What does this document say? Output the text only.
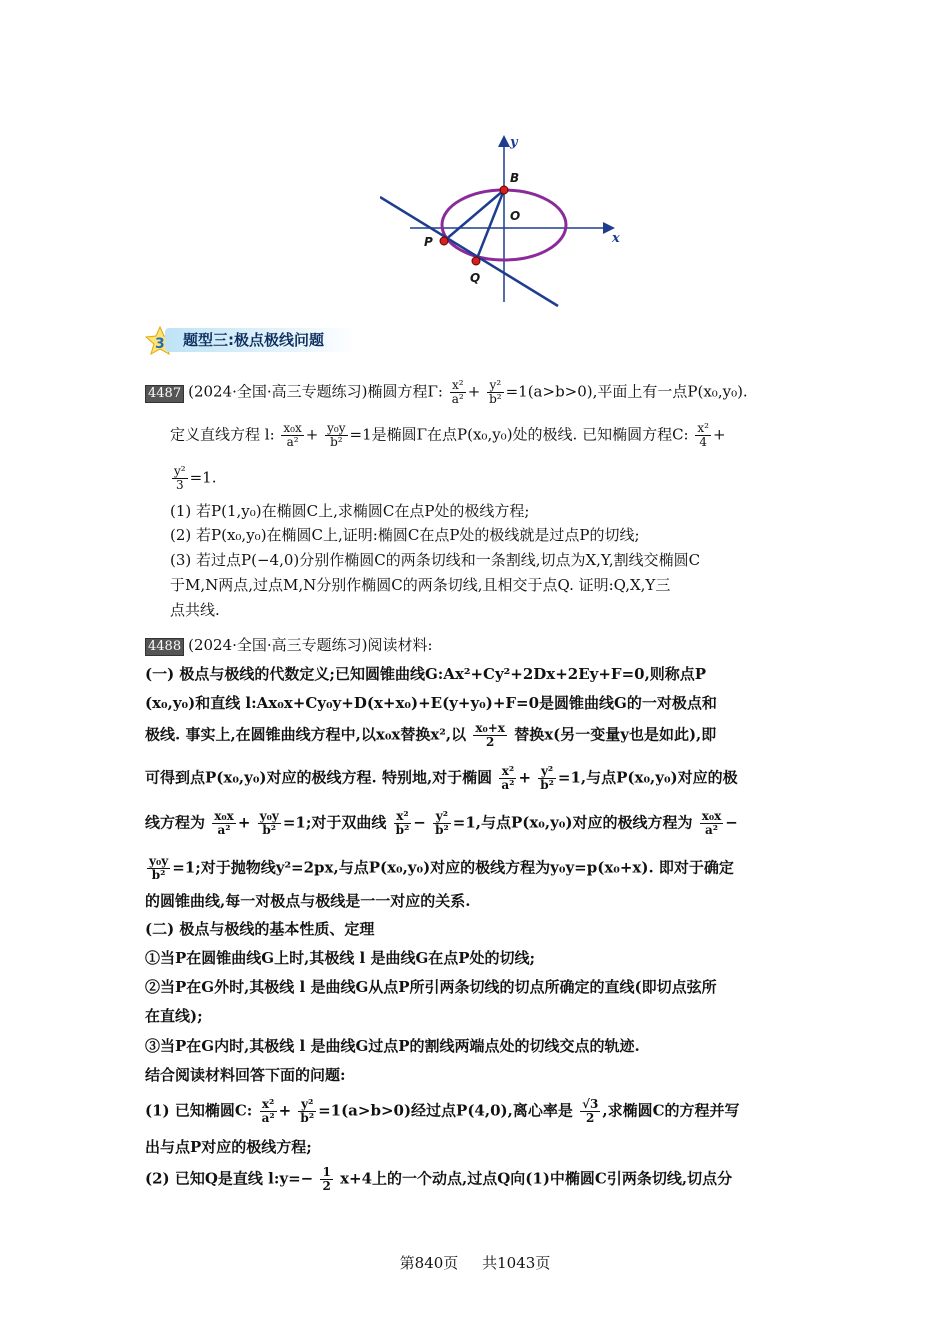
y
x
B
O
P
Q
3 题型三:极点极线问题
4487 (2024·全国·高三专题练习)椭圆方程Γ: $\frac{\text{x²}}{\text{a²}} + \frac{\text{y²}}{\text{b²}} =1(a>b>0)$,平面上有一点P(x₀,y₀).
定义直线方程 l: $\frac{\text{x₀x}}{\text{a²}} + \frac{\text{y₀y}}{\text{b²}} =1$是椭圆Γ在点P(x₀,y₀)处的极线. 已知椭圆方程C: $\frac{\text{x²}}{4}$ +
$\frac{\text{y²}}{3} =1$.
(1) 若P(1,y₀)在椭圆C上,求椭圆C在点P处的极线方程;
(2) 若P(x₀,y₀)在椭圆C上,证明:椭圆C在点P处的极线就是过点P的切线;
(3) 若过点P(−4,0)分别作椭圆C的两条切线和一条割线,切点为X,Y,割线交椭圆C
于M,N两点,过点M,N分别作椭圆C的两条切线,且相交于点Q. 证明:Q,X,Y三
点共线.
4488 (2024·全国·高三专题练习)阅读材料:
(一) 极点与极线的代数定义;已知圆锥曲线G:Ax²+Cy²+2Dx+2Ey+F=0,则称点P
(x₀,y₀)和直线 l:Ax₀x+Cy₀y+D(x+x₀)+E(y+y₀)+F=0是圆锥曲线G的一对极点和
极线. 事实上,在圆锥曲线方程中,以x₀x替换x²,以 $\frac{\text{x₀+x}}{2}$ 替换x(另一变量y也是如此),即
可得到点P(x₀,y₀)对应的极线方程. 特别地,对于椭圆 $\frac{\text{x²}}{\text{a²}} + \frac{\text{y²}}{\text{b²}} =1$,与点P(x₀,y₀)对应的极
线方程为 $\frac{\text{x₀x}}{\text{a²}} + \frac{\text{y₀y}}{\text{b²}} =1$;对于双曲线 $\frac{\text{x²}}{\text{b²}} - \frac{\text{y²}}{\text{b²}} =1$,与点P(x₀,y₀)对应的极线方程为 $\frac{\text{x₀x}}{\text{a²}}$ −
$\frac{\text{y₀y}}{\text{b²}} =1$;对于抛物线y²=2px,与点P(x₀,y₀)对应的极线方程为y₀y=p(x₀+x). 即对于确定
的圆锥曲线,每一对极点与极线是一一对应的关系.
(二) 极点与极线的基本性质、定理
①当P在圆锥曲线G上时,其极线 l 是曲线G在点P处的切线;
②当P在G外时,其极线 l 是曲线G从点P所引两条切线的切点所确定的直线(即切点弦所
在直线);
③当P在G内时,其极线 l 是曲线G过点P的割线两端点处的切线交点的轨迹.
结合阅读材料回答下面的问题:
(1) 已知椭圆C: $\frac{\text{x²}}{\text{a²}} + \frac{\text{y²}}{\text{b²}} =1(a>b>0)$经过点P(4,0),离心率是 $\frac{√3}{2}$ ,求椭圆C的方程并写
出与点P对应的极线方程;
(2) 已知Q是直线 l:y=− $\frac{1}{2} x+4$上的一个动点,过点Q向(1)中椭圆C引两条切线,切点分
第840页 共1043页
